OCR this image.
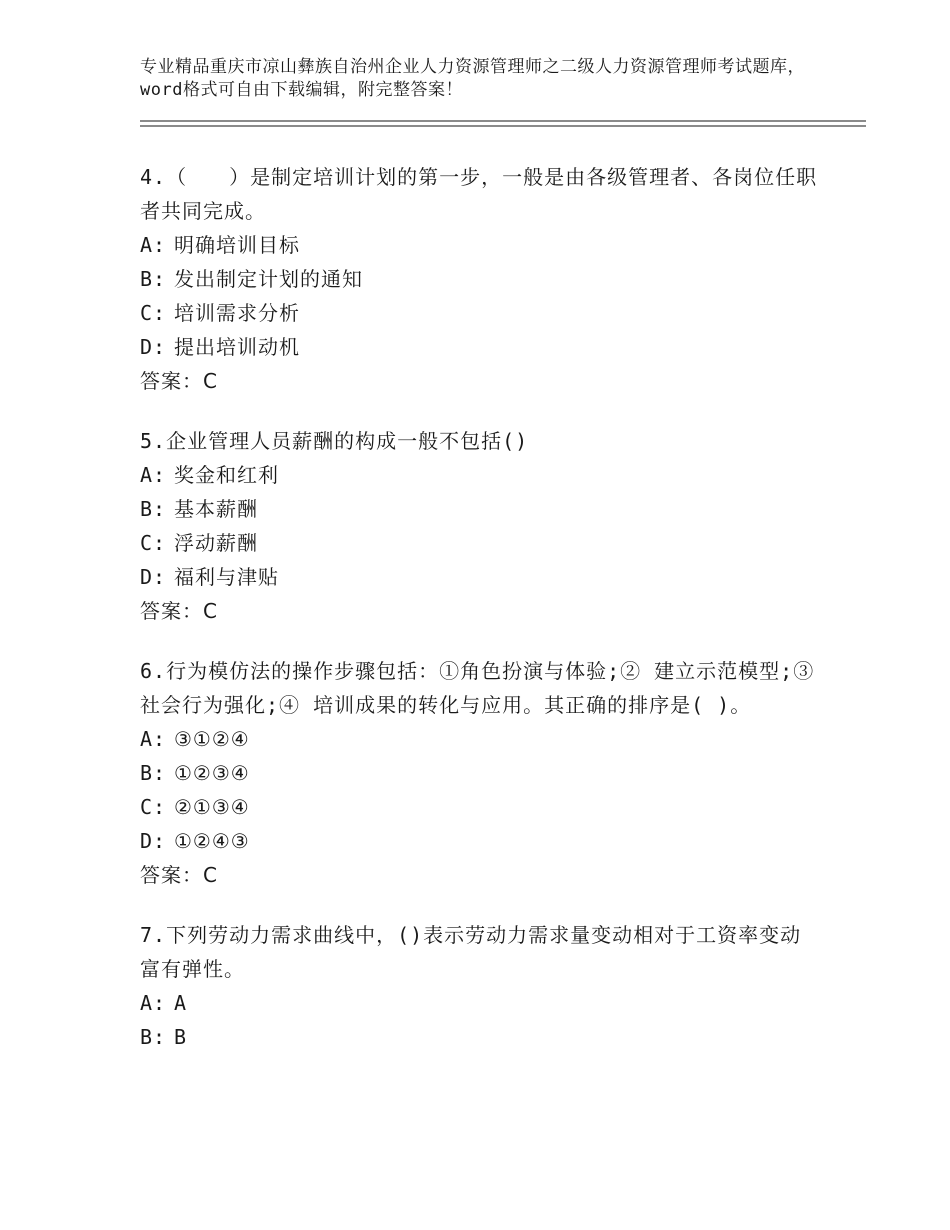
专业精品重庆市凉山彝族自治州企业人力资源管理师之二级人力资源管理师考试题库，word格式可自由下载编辑，附完整答案！

4.（　　）是制定培训计划的第一步，一般是由各级管理者、各岗位任职者共同完成。

A: 明确培训目标
B: 发出制定计划的通知
C: 培训需求分析
D: 提出培训动机
答案：C

5.企业管理人员薪酬的构成一般不包括()

A: 奖金和红利
B: 基本薪酬
C: 浮动薪酬
D: 福利与津贴
答案：C

6.行为模仿法的操作步骤包括：①角色扮演与体验;② 建立示范模型;③ 社会行为强化;④ 培训成果的转化与应用。其正确的排序是( )。

A: ③①②④
B: ①②③④
C: ②①③④
D: ①②④③
答案：C

7.下列劳动力需求曲线中，()表示劳动力需求量变动相对于工资率变动富有弹性。

A: A
B: B
